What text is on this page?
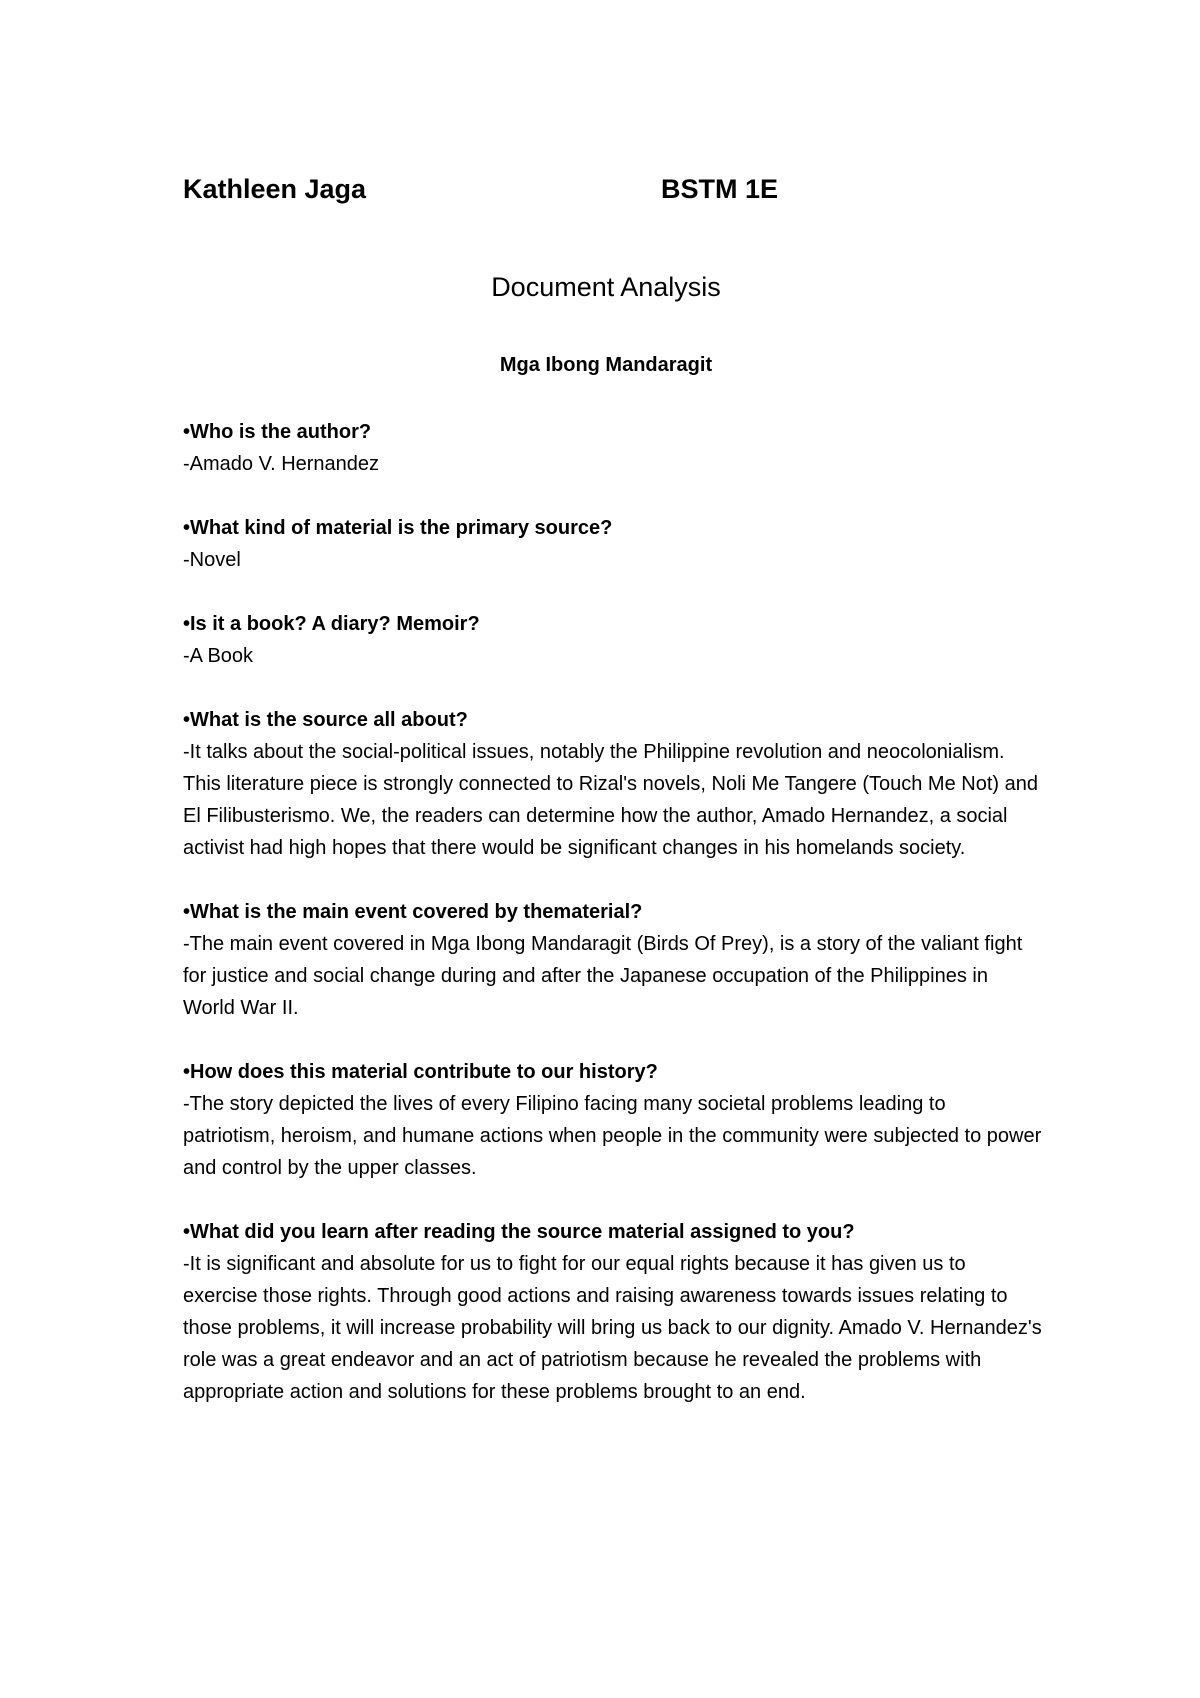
Kathleen Jaga	BSTM 1E
Document Analysis
Mga Ibong Mandaragit
•Who is the author?
-Amado V. Hernandez
•What kind of material is the primary source?
-Novel
•Is it a book? A diary? Memoir?
-A Book
•What is the source all about?
-It talks about the social-political issues, notably the Philippine revolution and neocolonialism. This literature piece is strongly connected to Rizal's novels, Noli Me Tangere (Touch Me Not) and El Filibusterismo. We, the readers can determine how the author, Amado Hernandez, a social activist had high hopes that there would be significant changes in his homelands society.
•What is the main event covered by thematerial?
-The main event covered in Mga Ibong Mandaragit (Birds Of Prey), is a story of the valiant fight for justice and social change during and after the Japanese occupation of the Philippines in World War II.
•How does this material contribute to our history?
-The story depicted the lives of every Filipino facing many societal problems leading to patriotism, heroism, and humane actions when people in the community were subjected to power and control by the upper classes.
•What did you learn after reading the source material assigned to you?
-It is significant and absolute for us to fight for our equal rights because it has given us to exercise those rights. Through good actions and raising awareness towards issues relating to those problems, it will increase probability will bring us back to our dignity. Amado V. Hernandez's role was a great endeavor and an act of patriotism because he revealed the problems with appropriate action and solutions for these problems brought to an end.
